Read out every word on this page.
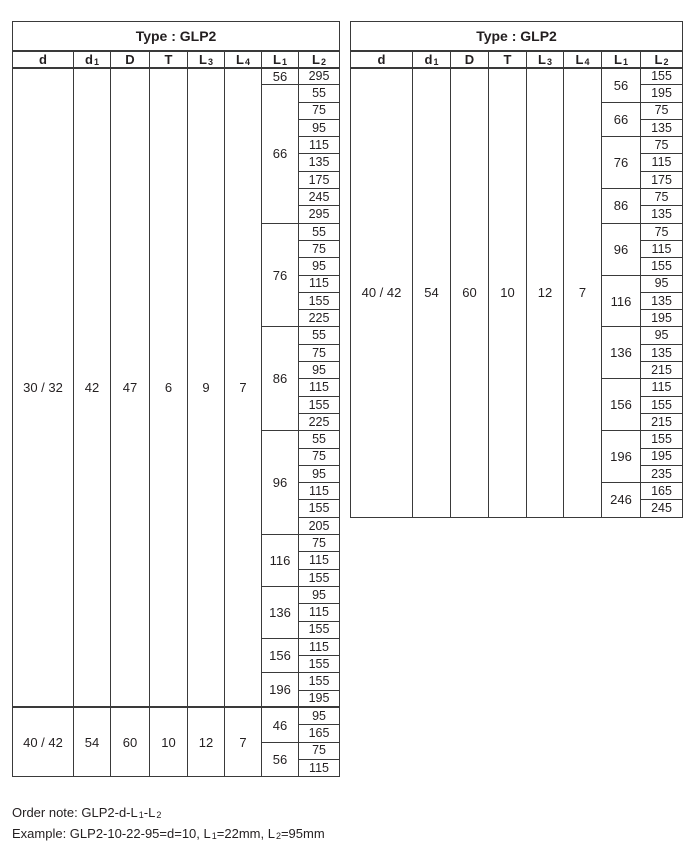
Type : GLP2							
d	$d_1$	D	T	$L_3$	$L_4$	$L_1$	$L_2$
30 / 32	42	47	6	9	7	56	295
						66	55
							75
							95
							115
							135
							175
							245
							295
						76	55
							75
							95
							115
							155
							225
						86	55
							75
							95
							115
							155
							225
						96	55
							75
							95
							115
							155
							205
						116	75
							115
							155
						136	95
							115
							155
						156	115
							155
						196	155
							195
40 / 42	54	60	10	12	7	46	95
							165
						56	75
							115
Type : GLP2							
d	$d_1$	D	T	$L_3$	$L_4$	$L_1$	$L_2$
40 / 42	54	60	10	12	7	56	155
							195
						66	75
							135
						76	75
							115
							175
						86	75
							135
						96	75
							115
							155
						116	95
							135
							195
						136	95
							135
							215
						156	115
							155
							215
						196	155
							195
							235
						246	165
							245
Order note: $GLP2-d-L_1-L_2$
Example: GLP2-10-22-95=d=10, $L_1=22mm$, $L_2=95mm$
